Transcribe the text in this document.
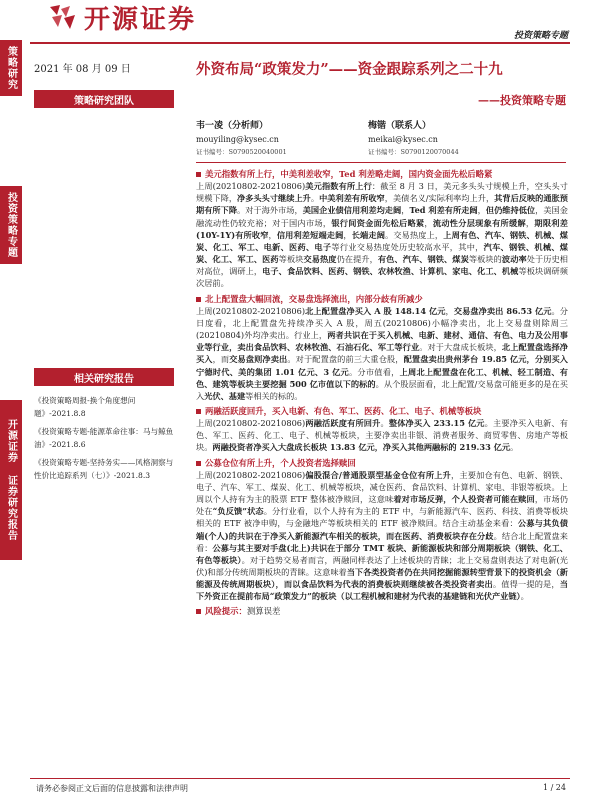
策略研究
投资策略专题
开源证券 证券研究报告
开源证券
投资策略专题
2021 年 08 月 09 日
策略研究团队
外资布局“政策发力”——资金跟踪系列之二十九
——投资策略专题
韦一凌（分析师）
mouyiling@kysec.cn
证书编号：S0790520040001
梅锴（联系人）
meikai@kysec.cn
证书编号：S0790120070044
美元指数有所上行，中美利差收窄，Ted 利差略走阔，国内资金面先松后略紧

上周(20210802-20210806)美元指数有所上行：截至 8 月 3 日，美元多头头寸规模上升，空头头寸规模下降，净多头头寸继续上升。中美利差有所收窄，美债名义/实际利率均上升，其背后反映的通胀预期有所下降。对于海外市场，美国企业债信用利差均走阔，Ted 利差有所走阔，但仍维持低位，美国金融流动性仍较充裕；对于国内市场，银行间资金面先松后略紧，流动性分层现象有所缓解，期限利差(10Y-1Y)有所收窄，信用利差短端走阔，长端走阔。交易热度上，上周有色、汽车、钢铁、机械、煤炭、化工、军工、电新、医药、电子等行业交易热度处历史较高水平，其中，汽车、钢铁、机械、煤炭、化工、军工、医药等板块交易热度仍在提升，有色、汽车、钢铁、煤炭等板块的波动率处于历史相对高位，调研上，电子、食品饮料、医药、钢铁、农林牧渔、计算机、家电、化工、机械等板块调研频次居前。

北上配置盘大幅回流，交易盘选择流出，内部分歧有所减少

上周(20210802-20210806)北上配置盘净买入 A 股 148.14 亿元，交易盘净卖出 86.53 亿元。分日度看，北上配置盘先持续净买入 A 股，周五(20210806)小幅净卖出，北上交易盘则除周三(20210804)外均净卖出。行业上，两者共识在于买入机械、电新、建材、通信、有色、电力及公用事业等行业，卖出食品饮料、农林牧渔、石油石化、军工等行业。对于大盘成长板块，北上配置盘选择净买入，而交易盘则净卖出。对于配置盘的前三大重仓股，配置盘卖出贵州茅台 19.85 亿元，分别买入宁德时代、美的集团 1.01 亿元、3 亿元。分市值看，上周北上配置盘在化工、机械、轻工制造、有色、建筑等板块主要挖掘 500 亿市值以下的标的。从个股层面看，北上配置/交易盘可能更多的是在买入光伏、基建等相关的标的。

两融活跃度回升，买入电新、有色、军工、医药、化工、电子、机械等板块

上周(20210802-20210806)两融活跃度有所回升。整体净买入 233.15 亿元。主要净买入电新、有色、军工、医药、化工、电子、机械等板块，主要净卖出非银、消费者服务、商贸零售、房地产等板块。两融投资者净买入大盘成长板块 13.83 亿元，净买入其他两融标的 219.33 亿元。

公募仓位有所上升，个人投资者选择赎回

上周(20210802-20210806)偏股混合/普通股票型基金仓位有所上升，主要加仓有色、电新、钢铁、电子、汽车、军工、煤炭、化工、机械等板块，减仓医药、食品饮料、计算机、家电、非银等板块。上周以个人持有为主的股票 ETF 整体被净赎回，这意味着对市场反弹，个人投资者可能在赎回，市场仍处在“负反馈”状态。分行业看，以个人持有为主的 ETF 中，与新能源汽车、医药、科技、消费等板块相关的 ETF 被净申购，与金融地产等板块相关的 ETF 被净赎回。结合主动基金来看：公募与其负债端(个人)的共识在于净买入新能源汽车相关的板块，而在医药、消费板块存在分歧。结合北上配置盘来看：公募与其主要对手盘(北上)共识在于部分 TMT 板块、新能源板块和部分周期板块（钢铁、化工、有色等板块）。对于趋势交易者而言，两融同样表达了上述板块的青睐；北上交易盘则表达了对电新(光伏)和部分传统周期板块的青睐。这意味着当下各类投资者仍在共同挖掘能源转型背景下的投资机会（新能源及传统周期板块），而以食品饮料为代表的消费板块则继续被各类投资者卖出。值得一提的是，当下外资正在提前布局“政策发力”的板块（以工程机械和建材为代表的基建链和光伏产业链）。

风险提示：测算误差
相关研究报告
《投资策略周报-换个角度想问题》-2021.8.8
《投资策略专题-能源革命往事：马与鲸鱼油》-2021.8.6
《投资策略专题-坚持务实——风格洞察与性价比追踪系列（七）》-2021.8.3
请务必参阅正文后面的信息披露和法律声明	1 / 24
